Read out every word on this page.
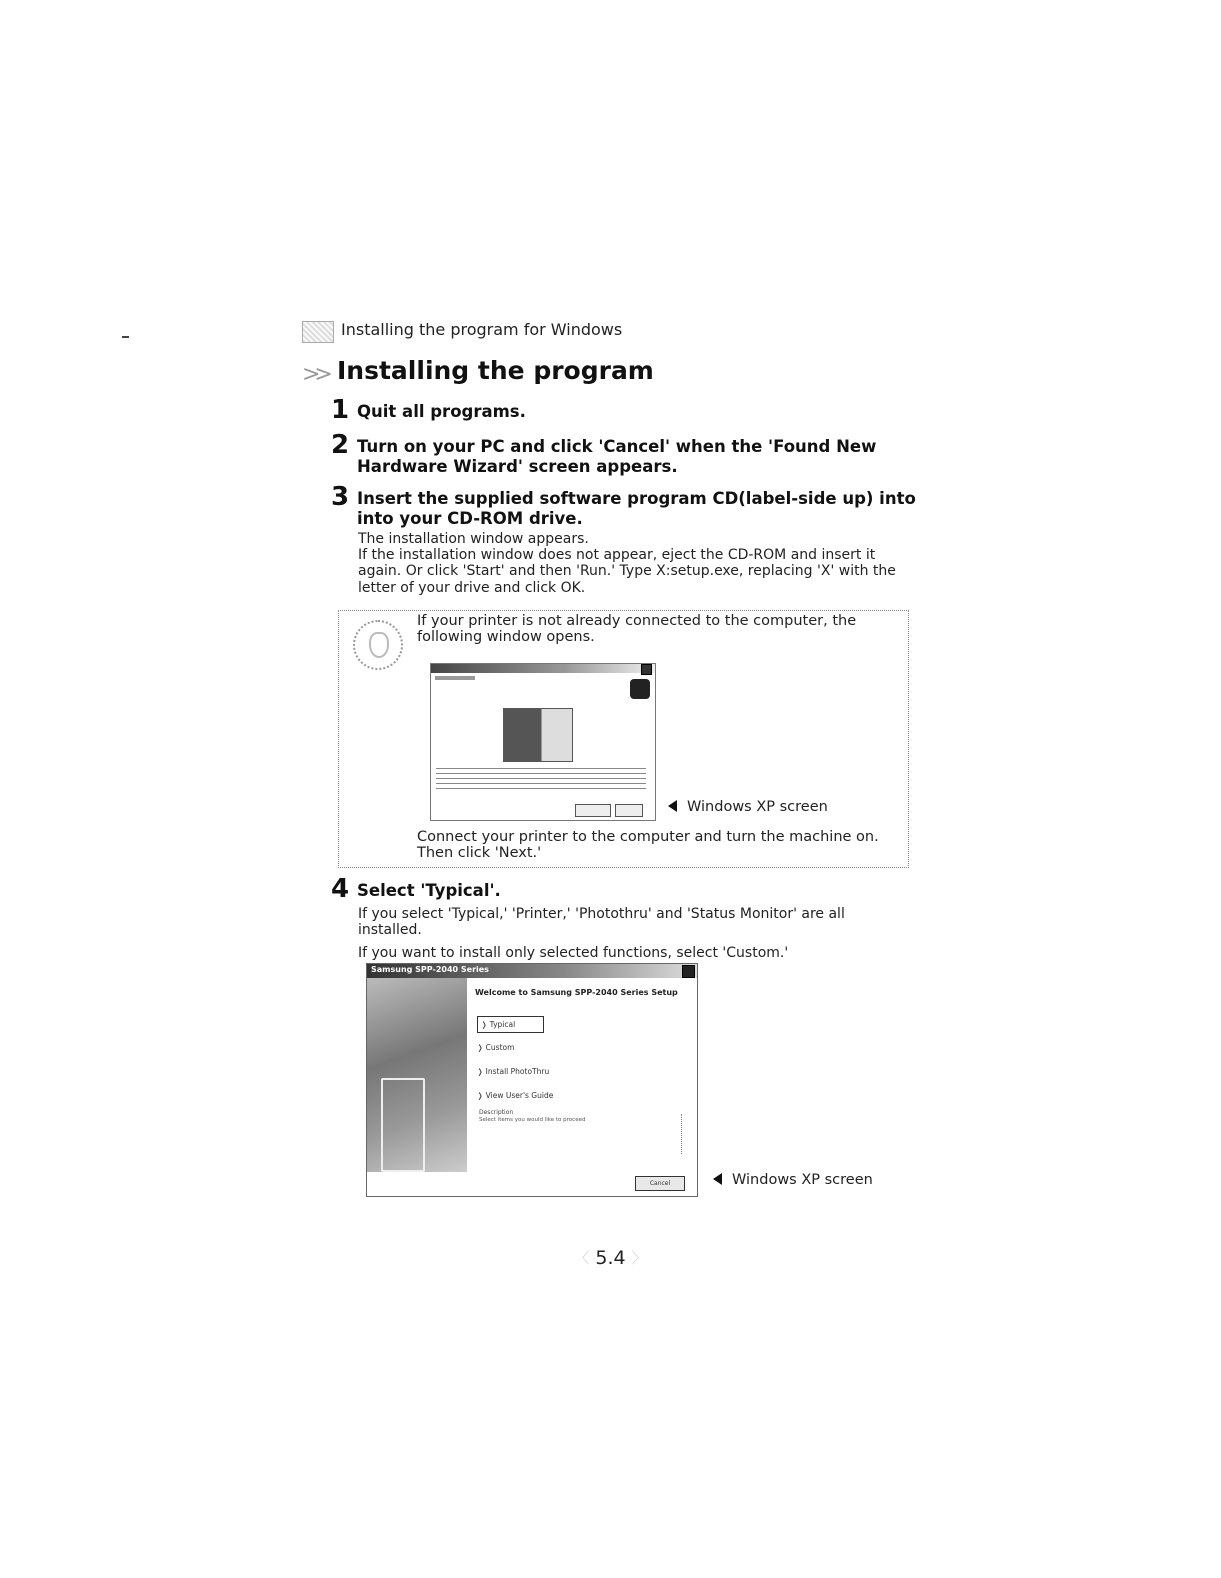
Installing the program for Windows
>> Installing the program
1 Quit all programs.
2 Turn on your PC and click 'Cancel' when the 'Found New
Hardware Wizard' screen appears.
3 Insert the supplied software program CD(label-side up) into
into your CD-ROM drive.
The installation window appears.
If the installation window does not appear, eject the CD-ROM and insert it
again. Or click 'Start' and then 'Run.' Type X:setup.exe, replacing 'X' with the
letter of your drive and click OK.
If your printer is not already connected to the computer, the
following window opens.
Windows XP screen
Connect your printer to the computer and turn the machine on.
Then click 'Next.'
4 Select 'Typical'.
If you select 'Typical,' 'Printer,' 'Photothru' and 'Status Monitor' are all
installed.
If you want to install only selected functions, select 'Custom.'
Samsung SPP-2040 Series
Welcome to Samsung SPP-2040 Series Setup
❭ Typical
❭ Custom
❭ Install PhotoThru
❭ View User's Guide
Description
Select items you would like to proceed
Cancel	Windows XP screen
〈 5.4 〉
